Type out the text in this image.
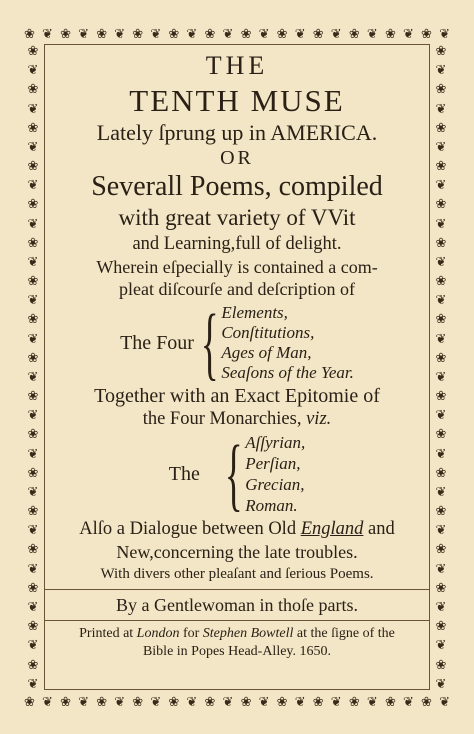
❀ ❦ ❀ ❦ ❀ ❦ ❀ ❦ ❀ ❦ ❀ ❦ ❀ ❦ ❀ ❦ ❀ ❦ ❀ ❦ ❀ ❦ ❀ ❦
❀ ❦ ❀ ❦ ❀ ❦ ❀ ❦ ❀ ❦ ❀ ❦ ❀ ❦ ❀ ❦ ❀ ❦ ❀ ❦ ❀ ❦ ❀ ❦
❀
❦
❀
❦
❀
❦
❀
❦
❀
❦
❀
❦
❀
❦
❀
❦
❀
❦
❀
❦
❀
❦
❀
❦
❀
❦
❀
❦
❀
❦
❀
❦
❀
❦
❀
❦
❀
❦
❀
❦
❀
❦
❀
❦
❀
❦
❀
❦
❀
❦
❀
❦
❀
❦
❀
❦
❀
❦
❀
❦
❀
❦
❀
❦
❀
❦
❀
❦
THE
TENTH MUSE
Lately ſprung up in AMERICA.
OR
Severall Poems, compiled
with great variety of VVit
and Learning,full of delight.
Wherein eſpecially is contained a com-
pleat diſcourſe and deſcription of
The Four { Elements,
Conſtitutions,
Ages of Man,
Seaſons of the Year.
Together with an Exact Epitomie of
the Four Monarchies, viz.
The { Aſſyrian,
Perſian,
Grecian,
Roman.
Alſo a Dialogue between Old England and
New,concerning the late troubles.
With divers other pleaſant and ſerious Poems.
By a Gentlewoman in thoſe parts.
Printed at London for Stephen Bowtell at the ſigne of the
Bible in Popes Head-Alley. 1650.
